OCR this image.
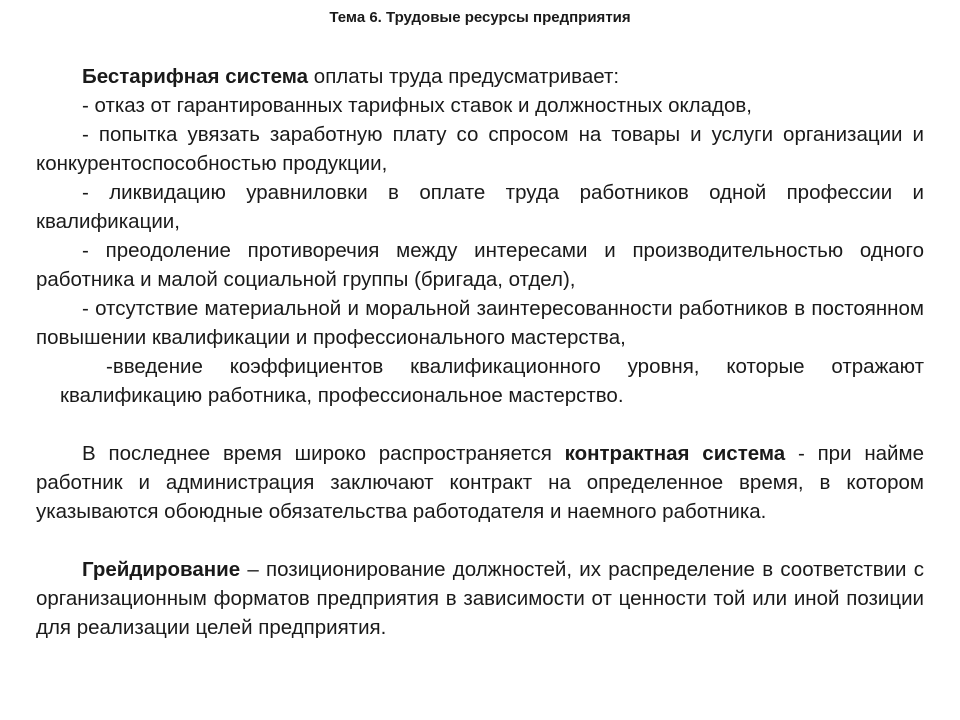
Тема 6. Трудовые ресурсы предприятия

Бестарифная система оплаты труда предусматривает:

- отказ от гарантированных тарифных ставок и должностных окладов,

- попытка увязать заработную плату со спросом на товары и услуги организации и конкурентоспособностью продукции,

- ликвидацию уравниловки в оплате труда работников одной профессии и квалификации,

- преодоление противоречия между интересами и производительностью одного работника и малой социальной группы (бригада, отдел),

- отсутствие материальной и моральной заинтересованности работников в постоянном повышении квалификации и профессионального мастерства,

-введение коэффициентов квалификационного уровня, которые отражают квалификацию работника, профессиональное мастерство.

В последнее время широко распространяется контрактная система - при найме работник и администрация заключают контракт на определенное время, в котором указываются обоюдные обязательства работодателя и наемного работника.

Грейдирование – позиционирование должностей, их распределение в соответствии с организационным форматов предприятия в зависимости от ценности той или иной позиции для реализации целей предприятия.
